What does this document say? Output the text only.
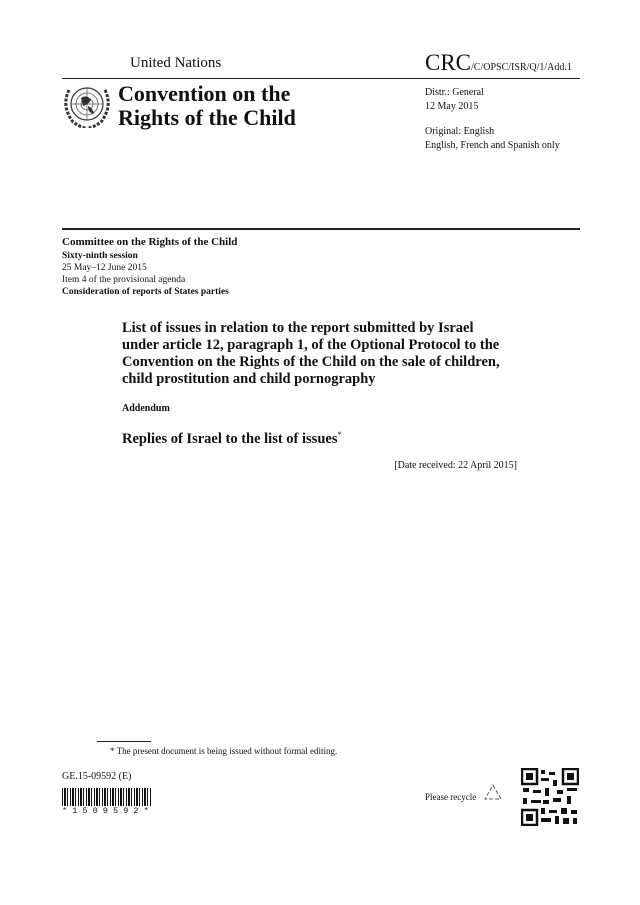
United Nations	CRC/C/OPSC/ISR/Q/1/Add.1
Convention on the
Rights of the Child
Distr.: General
12 May 2015
Original: English
English, French and Spanish only
Committee on the Rights of the Child
Sixty-ninth session
25 May–12 June 2015
Item 4 of the provisional agenda
Consideration of reports of States parties
List of issues in relation to the report submitted by Israel
under article 12, paragraph 1, of the Optional Protocol to the
Convention on the Rights of the Child on the sale of children,
child prostitution and child pornography
Addendum
Replies of Israel to the list of issues*
[Date received: 22 April 2015]
* The present document is being issued without formal editing.
GE.15-09592 (E)
* 1 5 0 9 5 9 2 *
Please recycle
